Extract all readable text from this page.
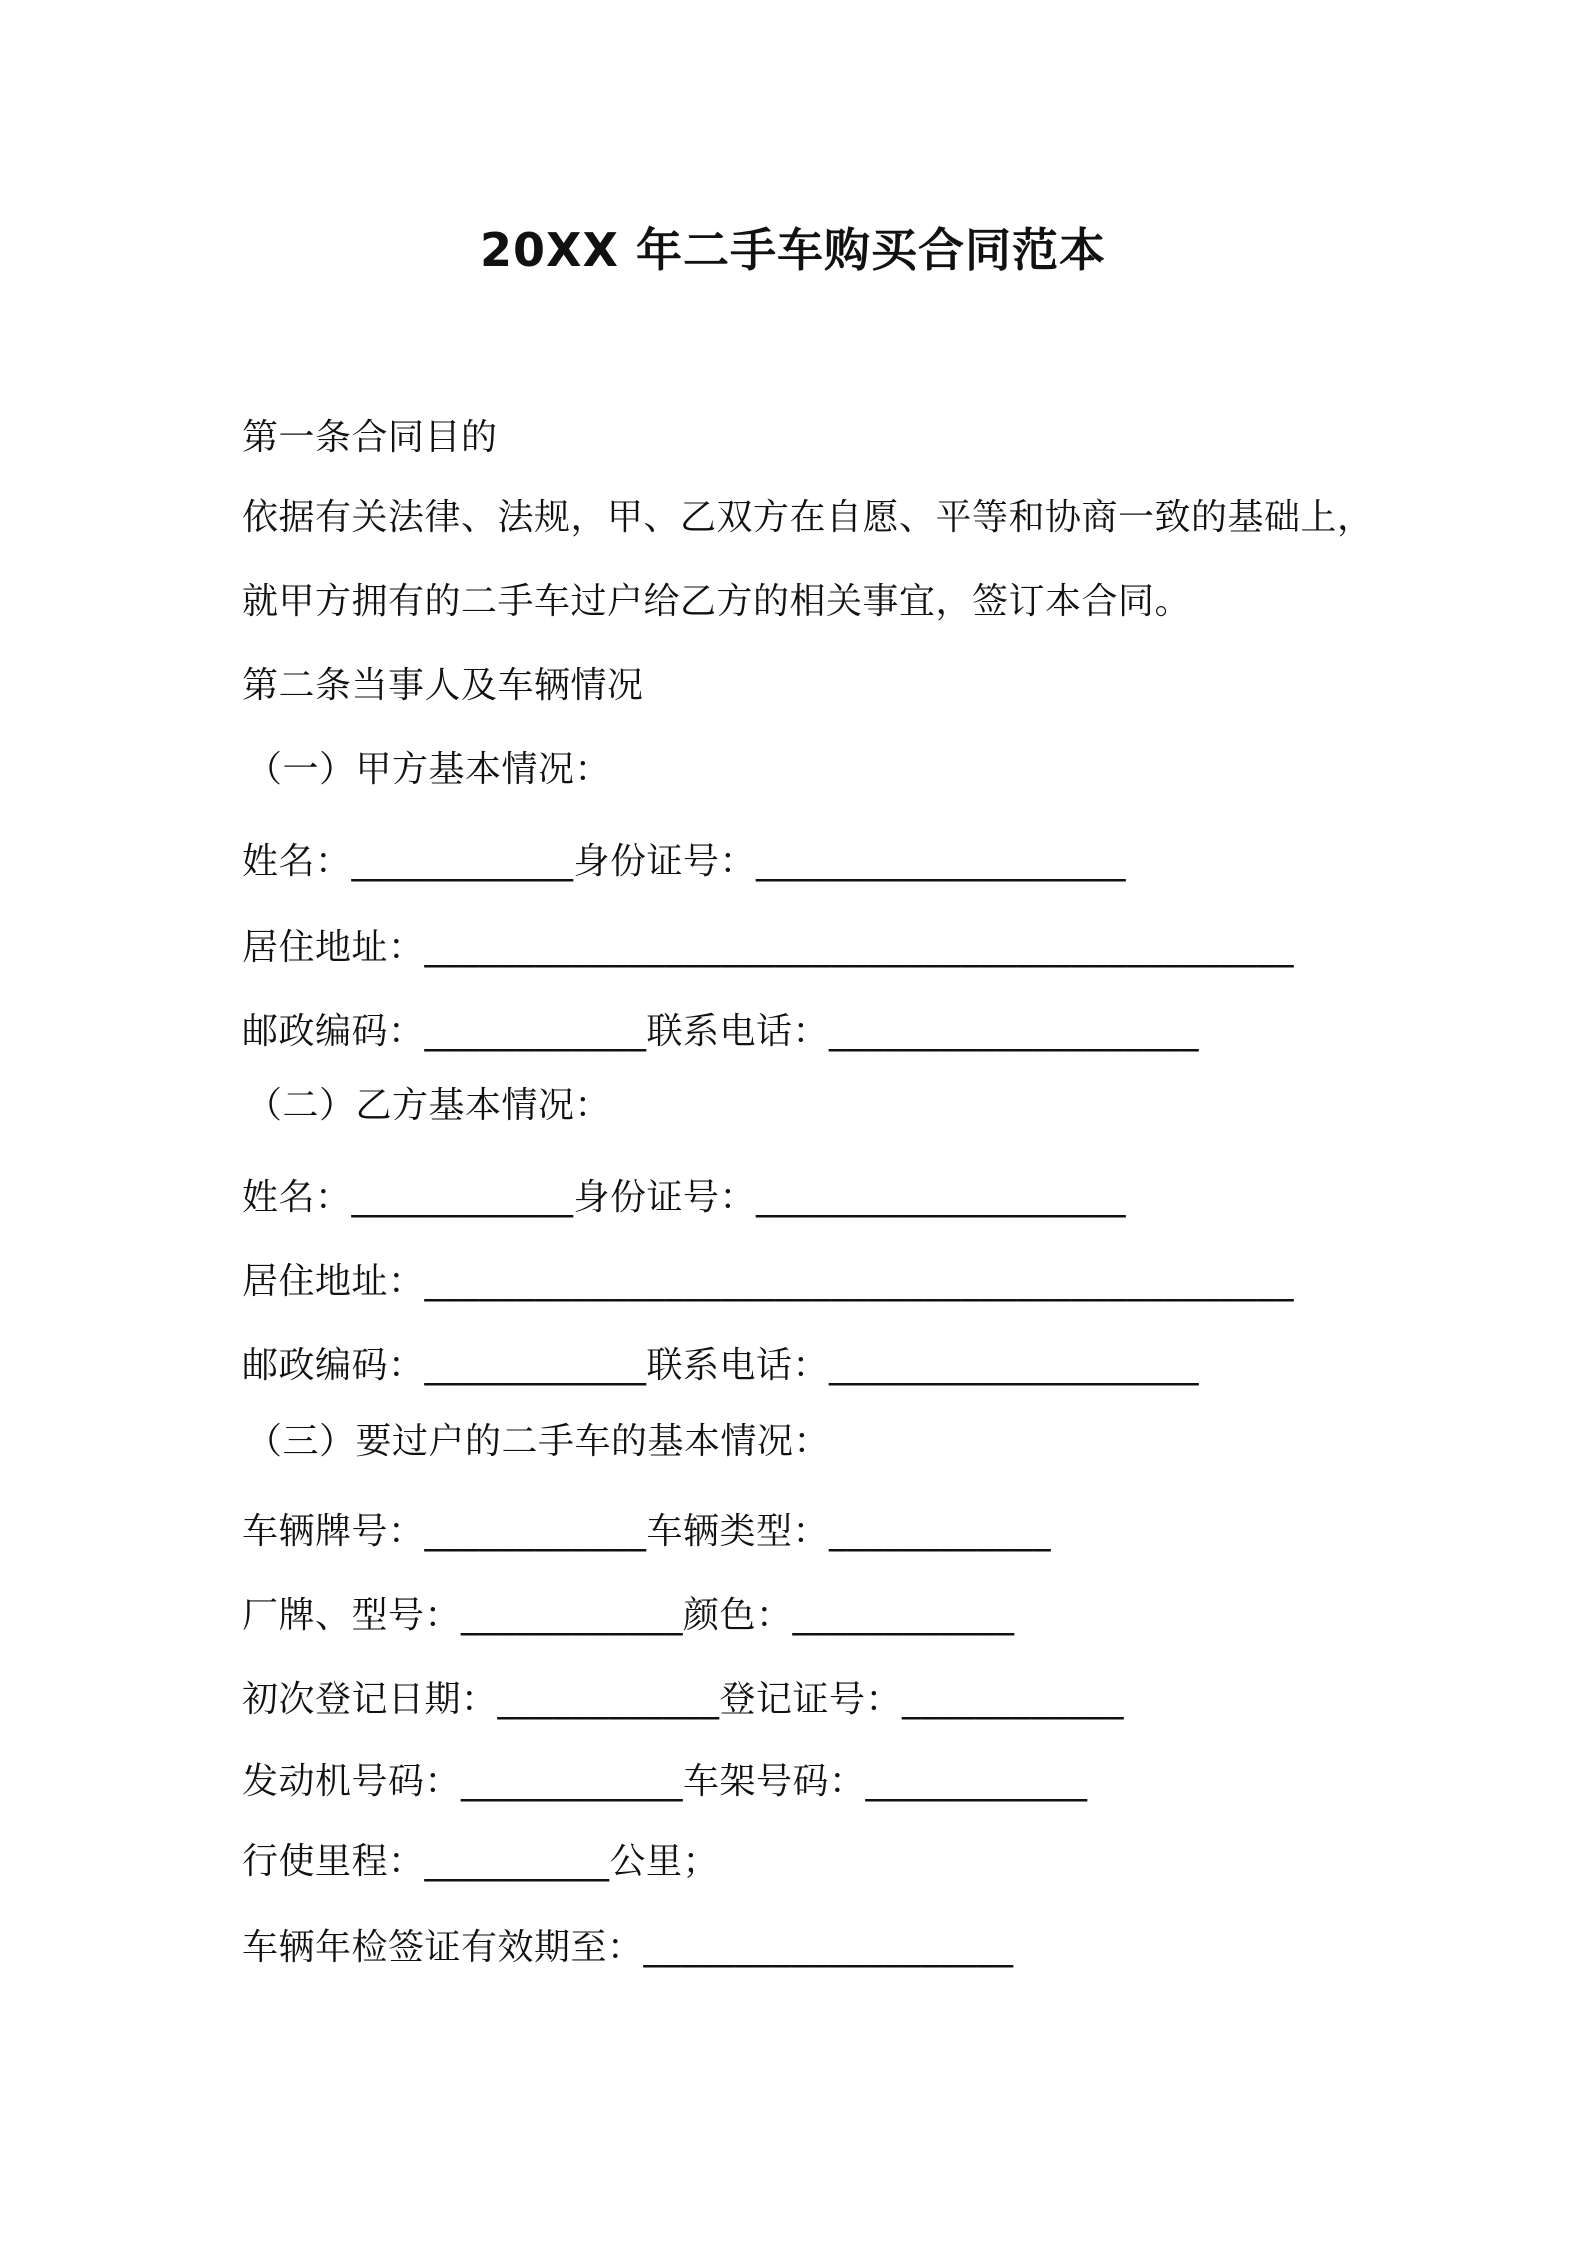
20XX 年二手车购买合同范本
第一条合同目的
依据有关法律、法规，甲、乙双方在自愿、平等和协商一致的基础上，
就甲方拥有的二手车过户给乙方的相关事宜，签订本合同。
第二条当事人及车辆情况
（一）甲方基本情况：
姓名：____________身份证号：____________________
居住地址：_______________________________________________
邮政编码：____________联系电话：____________________
（二）乙方基本情况：
姓名：____________身份证号：____________________
居住地址：_______________________________________________
邮政编码：____________联系电话：____________________
（三）要过户的二手车的基本情况：
车辆牌号：____________车辆类型：____________
厂牌、型号：____________颜色：____________
初次登记日期：____________登记证号：____________
发动机号码：____________车架号码：____________
行使里程：__________公里；
车辆年检签证有效期至：____________________
